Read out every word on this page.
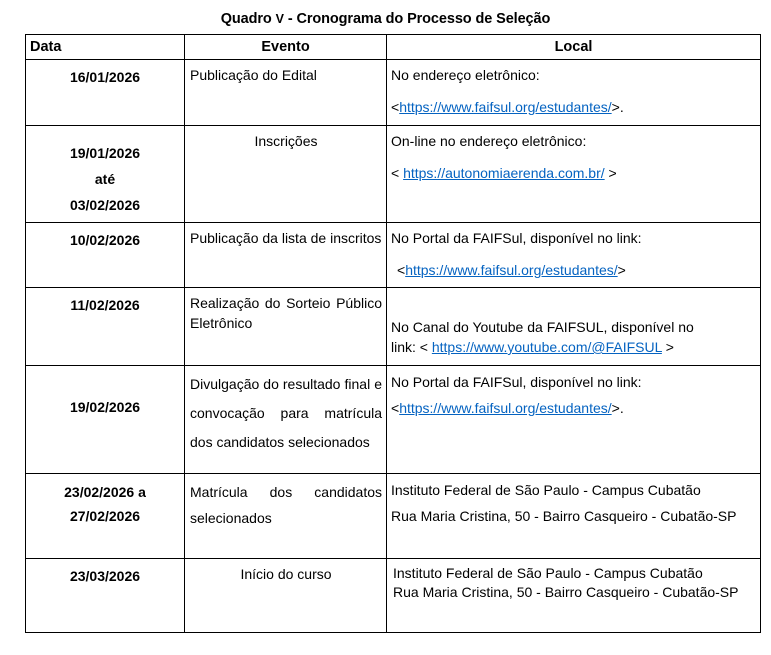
Quadro V - Cronograma do Processo de Seleção
Data	Evento	Local

16/01/2026	Publicação do Edital	No endereço eletrônico:
<https://www.faifsul.org/estudantes/>.

19/01/2026
até
03/02/2026	Inscrições	On-line no endereço eletrônico:
< https://autonomiaerenda.com.br/ >

10/02/2026	Publicação da lista de inscritos	No Portal da FAIFSul, disponível no link:
<https://www.faifsul.org/estudantes/>

11/02/2026	Realização do Sorteio Público Eletrônico	No Canal do Youtube da FAIFSUL, disponível no
link: < https://www.youtube.com/@FAIFSUL >

19/02/2026	Divulgação do resultado final e convocação para matrícula dos candidatos selecionados	No Portal da FAIFSul, disponível no link:
<https://www.faifsul.org/estudantes/>.

23/02/2026 a
27/02/2026	Matrícula dos candidatos selecionados	Instituto Federal de São Paulo - Campus Cubatão
Rua Maria Cristina, 50 - Bairro Casqueiro - Cubatão-SP

23/03/2026	Início do curso	Instituto Federal de São Paulo - Campus Cubatão
Rua Maria Cristina, 50 - Bairro Casqueiro - Cubatão-SP
